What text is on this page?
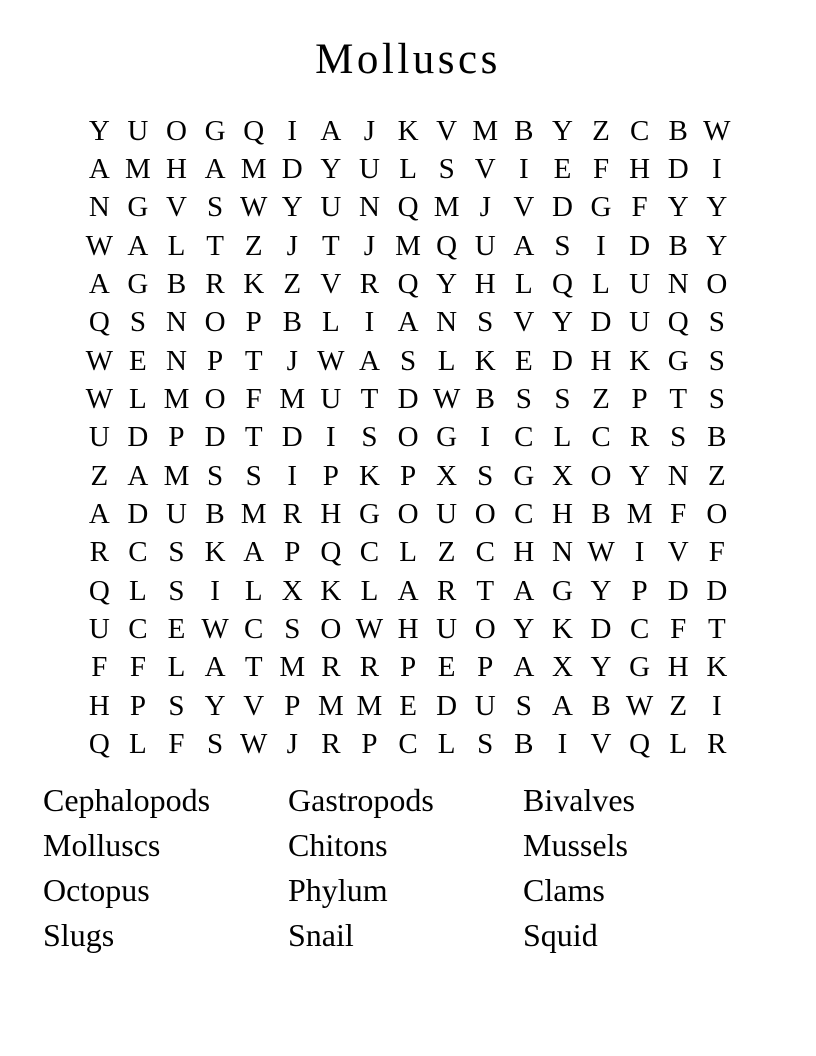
Molluscs
Y U O G Q I A J K V M B Y Z C B W
A M H A M D Y U L S V I E F H D I
N G V S W Y U N Q M J V D G F Y Y
W A L T Z J T J M Q U A S I D B Y
A G B R K Z V R Q Y H L Q L U N O
Q S N O P B L I A N S V Y D U Q S
W E N P T J W A S L K E D H K G S
W L M O F M U T D W B S S Z P T S
U D P D T D I S O G I C L C R S B
Z A M S S I P K P X S G X O Y N Z
A D U B M R H G O U O C H B M F O
R C S K A P Q C L Z C H N W I V F
Q L S I L X K L A R T A G Y P D D
U C E W C S O W H U O Y K D C F T
F F L A T M R R P E P A X Y G H K
H P S Y V P M M E D U S A B W Z I
Q L F S W J R P C L S B I V Q L R
Cephalopods
Molluscs
Octopus
Slugs
Gastropods
Chitons
Phylum
Snail
Bivalves
Mussels
Clams
Squid
